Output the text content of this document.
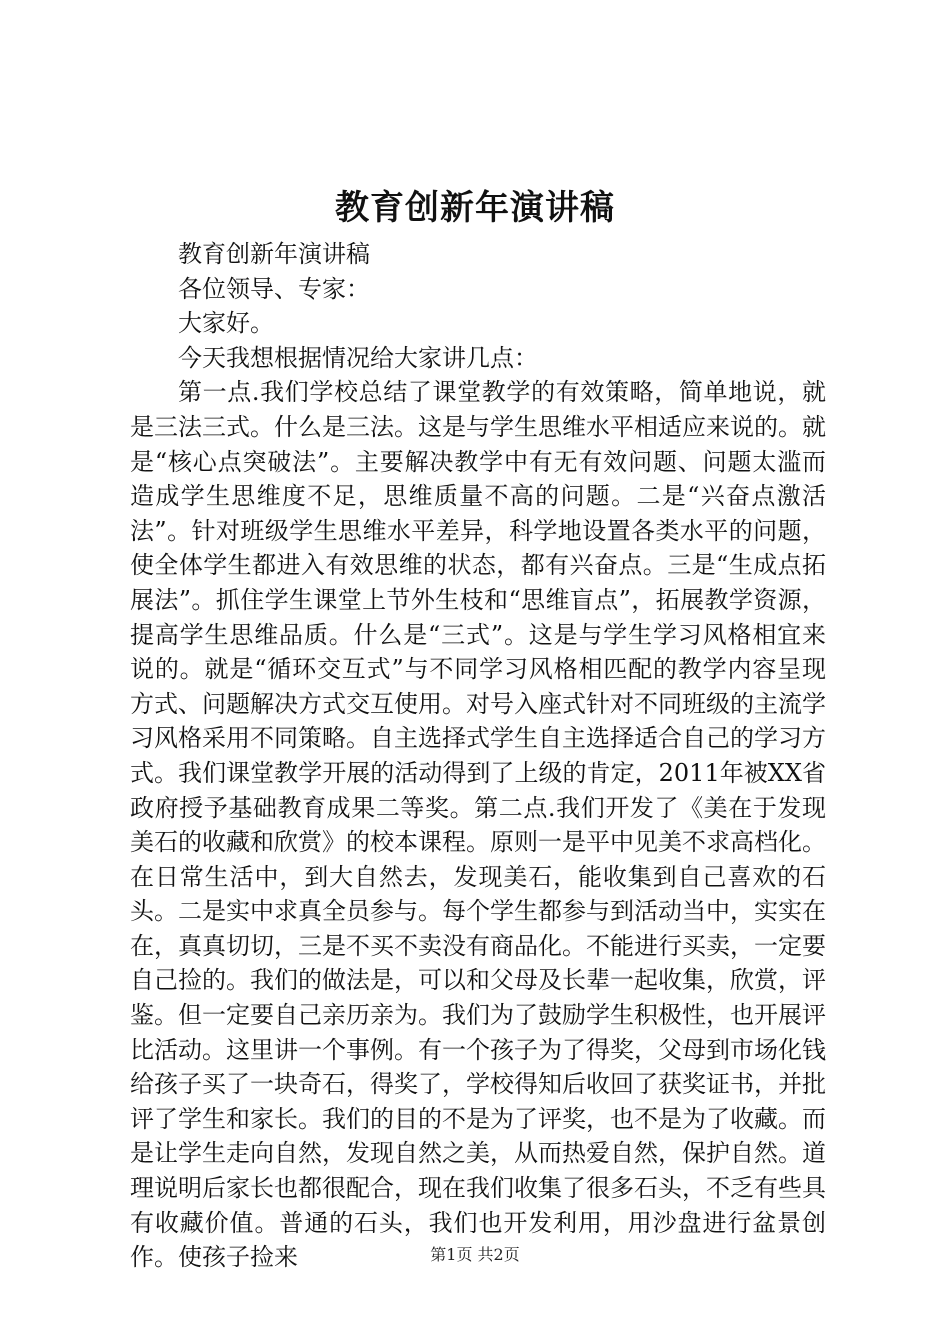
教育创新年演讲稿

教育创新年演讲稿

各位领导、专家：

大家好。

今天我想根据情况给大家讲几点：

第一点.我们学校总结了课堂教学的有效策略，简单地说，就是三法三式。什么是三法。这是与学生思维水平相适应来说的。就是“核心点突破法”。主要解决教学中有无有效问题、问题太滥而造成学生思维度不足，思维质量不高的问题。二是“兴奋点激活法”。针对班级学生思维水平差异，科学地设置各类水平的问题，使全体学生都进入有效思维的状态，都有兴奋点。三是“生成点拓展法”。抓住学生课堂上节外生枝和“思维盲点”，拓展教学资源，提高学生思维品质。什么是“三式”。这是与学生学习风格相宜来说的。就是“循环交互式”与不同学习风格相匹配的教学内容呈现方式、问题解决方式交互使用。对号入座式针对不同班级的主流学习风格采用不同策略。自主选择式学生自主选择适合自己的学习方式。我们课堂教学开展的活动得到了上级的肯定，2011年被XX省政府授予基础教育成果二等奖。第二点.我们开发了《美在于发现美石的收藏和欣赏》的校本课程。原则一是平中见美不求高档化。在日常生活中，到大自然去，发现美石，能收集到自己喜欢的石头。二是实中求真全员参与。每个学生都参与到活动当中，实实在在，真真切切，三是不买不卖没有商品化。不能进行买卖，一定要自己捡的。我们的做法是，可以和父母及长辈一起收集，欣赏，评鉴。但一定要自己亲历亲为。我们为了鼓励学生积极性，也开展评比活动。这里讲一个事例。有一个孩子为了得奖，父母到市场化钱给孩子买了一块奇石，得奖了，学校得知后收回了获奖证书，并批评了学生和家长。我们的目的不是为了评奖，也不是为了收藏。而是让学生走向自然，发现自然之美，从而热爱自然，保护自然。道理说明后家长也都很配合，现在我们收集了很多石头，不乏有些具有收藏价值。普通的石头，我们也开发利用，用沙盘进行盆景创作。使孩子捡来	第1页 共2页
